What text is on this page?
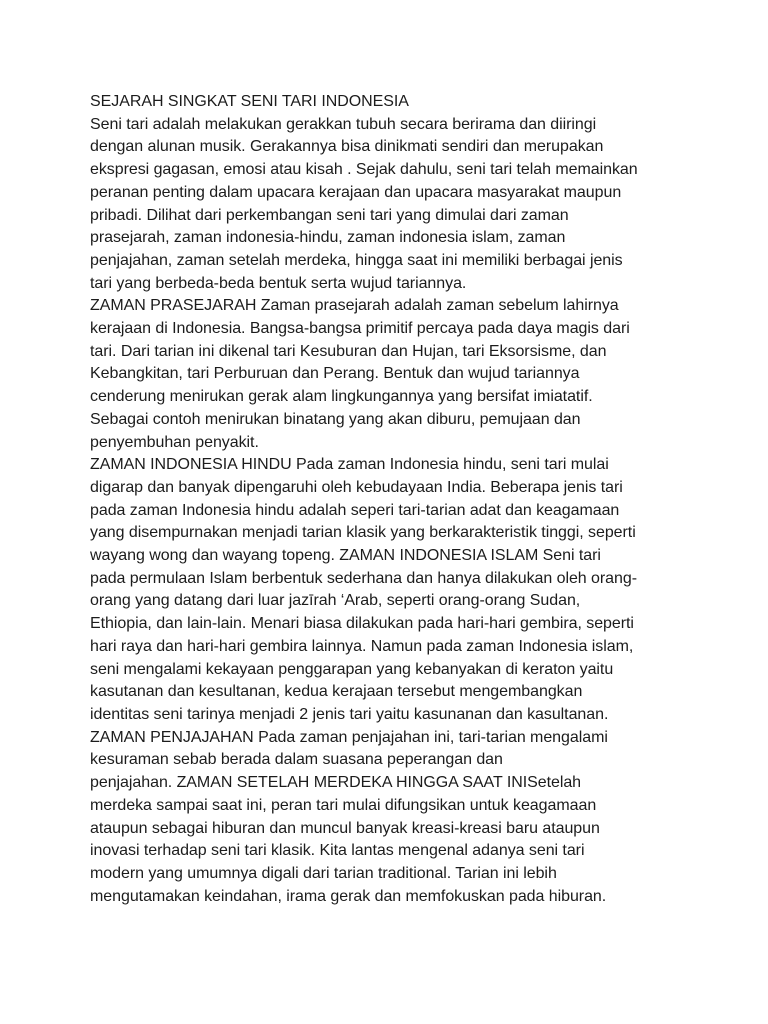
SEJARAH SINGKAT SENI TARI INDONESIA
Seni tari adalah melakukan gerakkan tubuh secara berirama dan diiringi
dengan alunan musik. Gerakannya bisa dinikmati sendiri dan merupakan
ekspresi gagasan, emosi atau kisah . Sejak dahulu, seni tari telah memainkan
peranan penting dalam upacara kerajaan dan upacara masyarakat maupun
pribadi. Dilihat dari perkembangan seni tari yang dimulai dari zaman
prasejarah, zaman indonesia-hindu, zaman indonesia islam, zaman
penjajahan, zaman setelah merdeka, hingga saat ini memiliki berbagai jenis
tari yang berbeda-beda bentuk serta wujud tariannya.
ZAMAN PRASEJARAH Zaman prasejarah adalah zaman sebelum lahirnya
kerajaan di Indonesia. Bangsa-bangsa primitif percaya pada daya magis dari
tari. Dari tarian ini dikenal tari Kesuburan dan Hujan, tari Eksorsisme, dan
Kebangkitan, tari Perburuan dan Perang. Bentuk dan wujud tariannya
cenderung menirukan gerak alam lingkungannya yang bersifat imiatatif.
Sebagai contoh menirukan binatang yang akan diburu, pemujaan dan
penyembuhan penyakit.
ZAMAN INDONESIA HINDU Pada zaman Indonesia hindu, seni tari mulai
digarap dan banyak dipengaruhi oleh kebudayaan India. Beberapa jenis tari
pada zaman Indonesia hindu adalah seperi tari-tarian adat dan keagamaan
yang disempurnakan menjadi tarian klasik yang berkarakteristik tinggi, seperti
wayang wong dan wayang topeng. ZAMAN INDONESIA ISLAM Seni tari
pada permulaan Islam berbentuk sederhana dan hanya dilakukan oleh orang-
orang yang datang dari luar jazīrah ‘Arab, seperti orang-orang Sudan,
Ethiopia, dan lain-lain. Menari biasa dilakukan pada hari-hari gembira, seperti
hari raya dan hari-hari gembira lainnya. Namun pada zaman Indonesia islam,
seni mengalami kekayaan penggarapan yang kebanyakan di keraton yaitu
kasutanan dan kesultanan, kedua kerajaan tersebut mengembangkan
identitas seni tarinya menjadi 2 jenis tari yaitu kasunanan dan kasultanan.
ZAMAN PENJAJAHAN Pada zaman penjajahan ini, tari-tarian mengalami
kesuraman sebab berada dalam suasana peperangan dan
penjajahan. ZAMAN SETELAH MERDEKA HINGGA SAAT INISetelah
merdeka sampai saat ini, peran tari mulai difungsikan untuk keagamaan
ataupun sebagai hiburan dan muncul banyak kreasi-kreasi baru ataupun
inovasi terhadap seni tari klasik. Kita lantas mengenal adanya seni tari
modern yang umumnya digali dari tarian traditional. Tarian ini lebih
mengutamakan keindahan, irama gerak dan memfokuskan pada hiburan.
